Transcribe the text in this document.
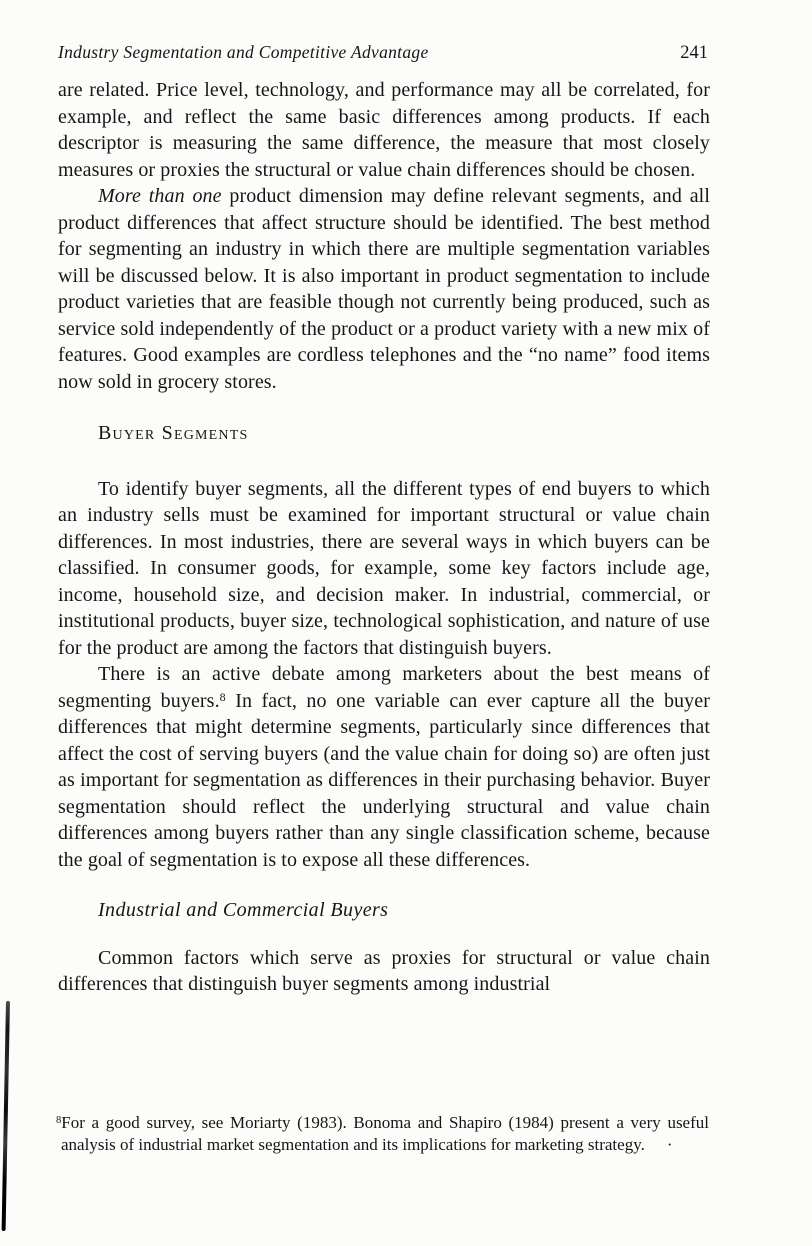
Industry Segmentation and Competitive Advantage	241

are related. Price level, technology, and performance may all be correlated, for example, and reflect the same basic differences among products. If each descriptor is measuring the same difference, the measure that most closely measures or proxies the structural or value chain differences should be chosen.

More than one product dimension may define relevant segments, and all product differences that affect structure should be identified. The best method for segmenting an industry in which there are multiple segmentation variables will be discussed below. It is also important in product segmentation to include product varieties that are feasible though not currently being produced, such as service sold independently of the product or a product variety with a new mix of features. Good examples are cordless telephones and the “no name” food items now sold in grocery stores.

Buyer Segments

To identify buyer segments, all the different types of end buyers to which an industry sells must be examined for important structural or value chain differences. In most industries, there are several ways in which buyers can be classified. In consumer goods, for example, some key factors include age, income, household size, and decision maker. In industrial, commercial, or institutional products, buyer size, technological sophistication, and nature of use for the product are among the factors that distinguish buyers.

There is an active debate among marketers about the best means of segmenting buyers.$^8$ In fact, no one variable can ever capture all the buyer differences that might determine segments, particularly since differences that affect the cost of serving buyers (and the value chain for doing so) are often just as important for segmentation as differences in their purchasing behavior. Buyer segmentation should reflect the underlying structural and value chain differences among buyers rather than any single classification scheme, because the goal of segmentation is to expose all these differences.

Industrial and Commercial Buyers

Common factors which serve as proxies for structural or value chain differences that distinguish buyer segments among industrial

$^8$For a good survey, see Moriarty (1983). Bonoma and Shapiro (1984) present a very useful analysis of industrial market segmentation and its implications for marketing strategy. ·
